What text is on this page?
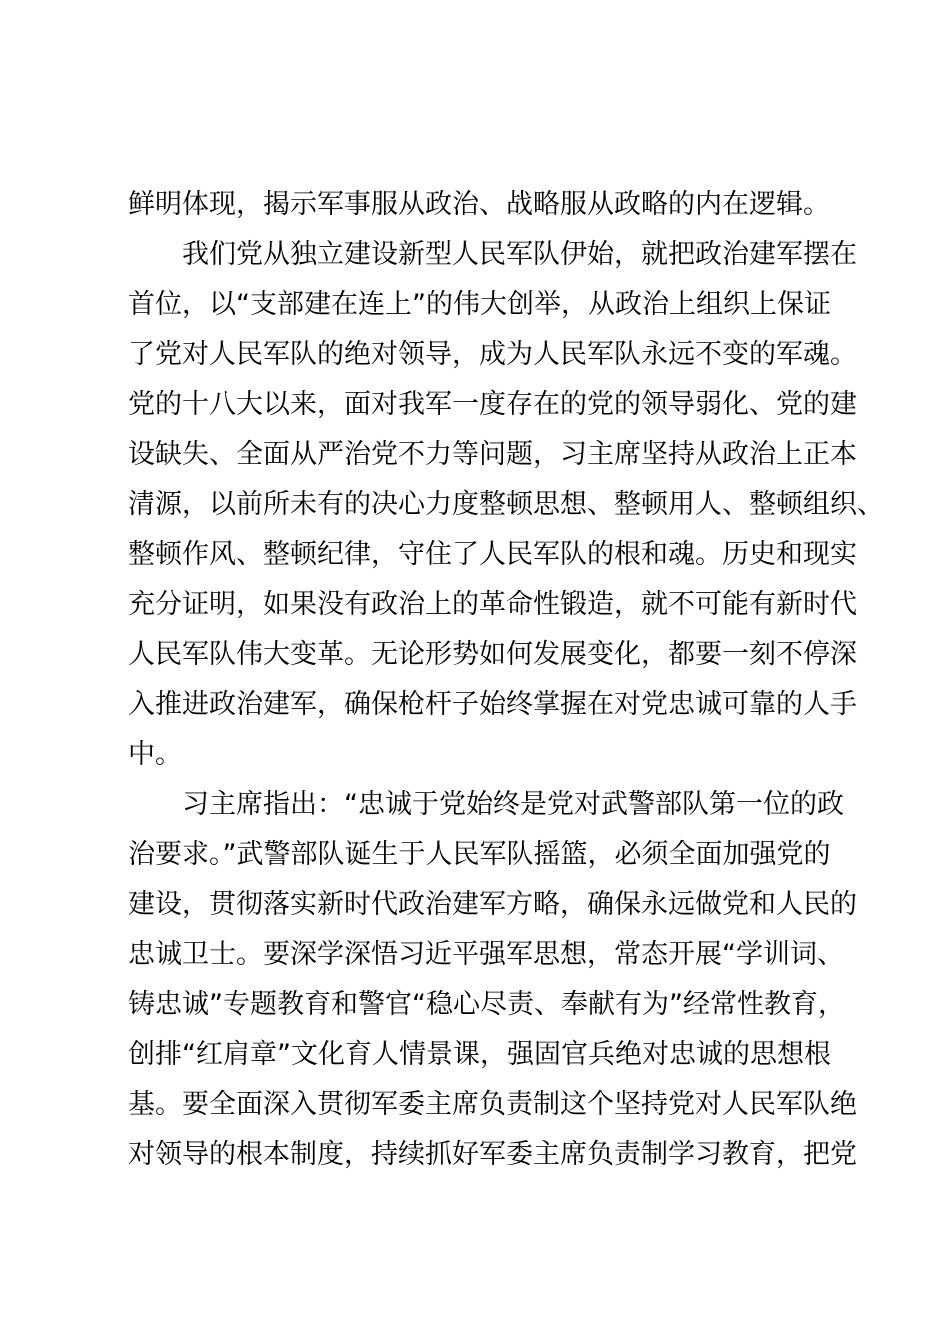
鲜明体现，揭示军事服从政治、战略服从政略的内在逻辑。
　　我们党从独立建设新型人民军队伊始，就把政治建军摆在
首位，以“支部建在连上”的伟大创举，从政治上组织上保证
了党对人民军队的绝对领导，成为人民军队永远不变的军魂。
党的十八大以来，面对我军一度存在的党的领导弱化、党的建
设缺失、全面从严治党不力等问题，习主席坚持从政治上正本
清源，以前所未有的决心力度整顿思想、整顿用人、整顿组织、
整顿作风、整顿纪律，守住了人民军队的根和魂。历史和现实
充分证明，如果没有政治上的革命性锻造，就不可能有新时代
人民军队伟大变革。无论形势如何发展变化，都要一刻不停深
入推进政治建军，确保枪杆子始终掌握在对党忠诚可靠的人手
中。
　　习主席指出：“忠诚于党始终是党对武警部队第一位的政
治要求。”武警部队诞生于人民军队摇篮，必须全面加强党的
建设，贯彻落实新时代政治建军方略，确保永远做党和人民的
忠诚卫士。要深学深悟习近平强军思想，常态开展“学训词、
铸忠诚”专题教育和警官“稳心尽责、奉献有为”经常性教育，
创排“红肩章”文化育人情景课，强固官兵绝对忠诚的思想根
基。要全面深入贯彻军委主席负责制这个坚持党对人民军队绝
对领导的根本制度，持续抓好军委主席负责制学习教育，把党
